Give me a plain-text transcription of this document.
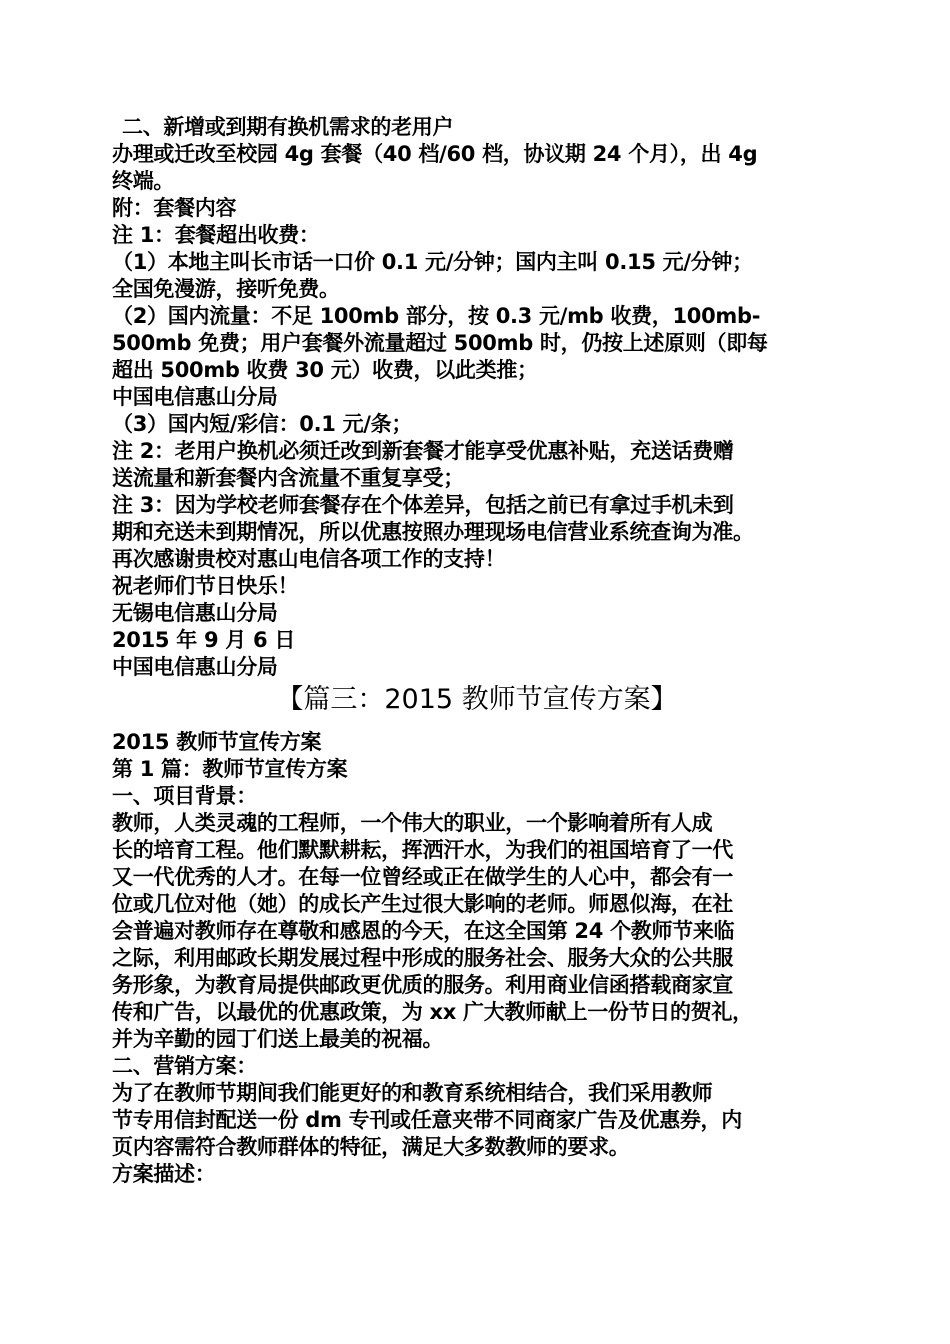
二、新增或到期有换机需求的老用户
办理或迁改至校园 4g 套餐（40 档/60 档，协议期 24 个月），出 4g
终端。
附：套餐内容
注 1：套餐超出收费：
（1）本地主叫长市话一口价 0.1 元/分钟；国内主叫 0.15 元/分钟；
全国免漫游，接听免费。
（2）国内流量：不足 100mb 部分，按 0.3 元/mb 收费，100mb-
500mb 免费；用户套餐外流量超过 500mb 时，仍按上述原则（即每
超出 500mb 收费 30 元）收费，以此类推；
中国电信惠山分局
（3）国内短/彩信：0.1 元/条；
注 2：老用户换机必须迁改到新套餐才能享受优惠补贴，充送话费赠
送流量和新套餐内含流量不重复享受；
注 3：因为学校老师套餐存在个体差异，包括之前已有拿过手机未到
期和充送未到期情况，所以优惠按照办理现场电信营业系统查询为准。
再次感谢贵校对惠山电信各项工作的支持！
祝老师们节日快乐！
无锡电信惠山分局
2015 年 9 月 6 日
中国电信惠山分局
【篇三：2015 教师节宣传方案】
2015 教师节宣传方案
第 1 篇：教师节宣传方案
一、项目背景：
教师，人类灵魂的工程师，一个伟大的职业，一个影响着所有人成
长的培育工程。他们默默耕耘，挥洒汗水，为我们的祖国培育了一代
又一代优秀的人才。在每一位曾经或正在做学生的人心中，都会有一
位或几位对他（她）的成长产生过很大影响的老师。师恩似海，在社
会普遍对教师存在尊敬和感恩的今天，在这全国第 24 个教师节来临
之际，利用邮政长期发展过程中形成的服务社会、服务大众的公共服
务形象，为教育局提供邮政更优质的服务。利用商业信函搭载商家宣
传和广告，以最优的优惠政策，为 xx 广大教师献上一份节日的贺礼，
并为辛勤的园丁们送上最美的祝福。
二、营销方案：
为了在教师节期间我们能更好的和教育系统相结合，我们采用教师
节专用信封配送一份 dm 专刊或任意夹带不同商家广告及优惠券，内
页内容需符合教师群体的特征，满足大多数教师的要求。
方案描述：
